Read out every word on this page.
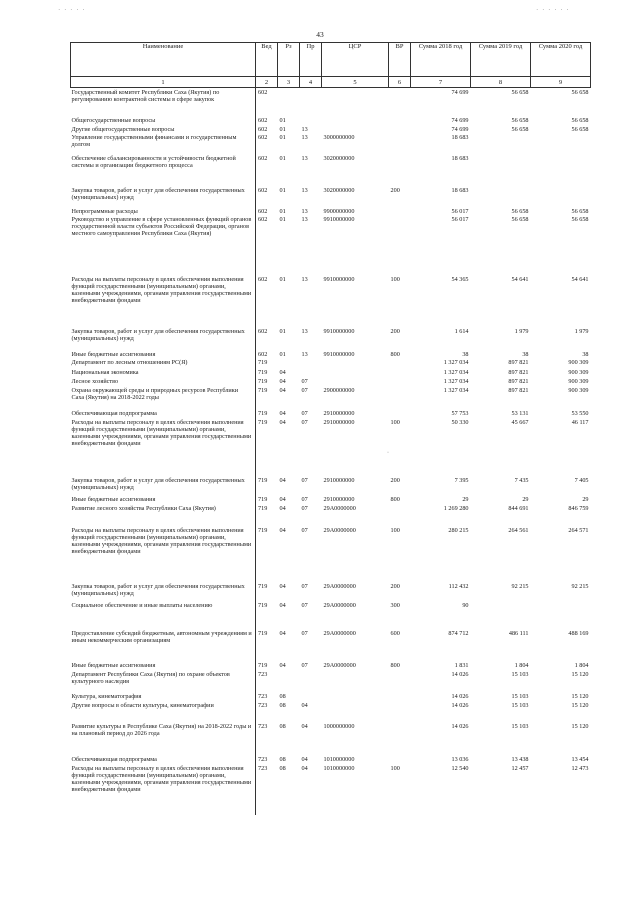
· · · · ·	· · · · · ·
43
Наименование	Вед	Рз	Пр	ЦСР	ВР	Сумма 2018 год	Сумма 2019 год	Сумма 2020 год
1	2	3	4	5	6	7	8	9
Государственный комитет Республики Саха (Якутия) по регулированию контрактной системы в сфере закупок	602					74 699	56 658	56 658
Общегосударственные вопросы	602	01				74 699	56 658	56 658
Другие общегосударственные вопросы	602	01	13			74 699	56 658	56 658
Управление государственными финансами и государственным долгом	602	01	13	3000000000		18 683		
Обеспечение сбалансированности и устойчивости бюджетной системы и организации бюджетного процесса	602	01	13	3020000000		18 683		
Закупка товаров, работ и услуг для обеспечения государственных (муниципальных) нужд	602	01	13	3020000000	200	18 683		
Непрограммные расходы	602	01	13	9900000000		56 017	56 658	56 658
Руководство и управление в сфере установленных функций органов государственной власти субъектов Российской Федерации, органов местного самоуправления Республики Саха (Якутия)	602	01	13	9910000000		56 017	56 658	56 658
Расходы на выплаты персоналу в целях обеспечения выполнения функций государственными (муниципальными) органами, казенными учреждениями, органами управления государственными внебюджетными фондами	602	01	13	9910000000	100	54 365	54 641	54 641
Закупка товаров, работ и услуг для обеспечения государственных (муниципальных) нужд	602	01	13	9910000000	200	1 614	1 979	1 979
Иные бюджетные ассигнования	602	01	13	9910000000	800	38	38	38
Департамент по лесным отношениям РС(Я)	719					1 327 034	897 821	900 309
Национальная экономика	719	04				1 327 034	897 821	900 309
Лесное хозяйство	719	04	07			1 327 034	897 821	900 309
Охрана окружающей среды и природных ресурсов Республики Саха (Якутия) на 2018-2022 годы	719	04	07	2900000000		1 327 034	897 821	900 309
Обеспечивающая подпрограмма	719	04	07	2910000000		57 753	53 131	53 550
Расходы на выплаты персоналу в целях обеспечения выполнения функций государственными (муниципальными) органами, казенными учреждениями, органами управления государственными внебюджетными фондами	719	04	07	2910000000	100	50 330	45 667	46 117
Закупка товаров, работ и услуг для обеспечения государственных (муниципальных) нужд	719	04	07	2910000000	200	7 395	7 435	7 405
Иные бюджетные ассигнования	719	04	07	2910000000	800	29	29	29
Развитие лесного хозяйства Республики Саха (Якутия)	719	04	07	29А0000000		1 269 280	844 691	846 759
Расходы на выплаты персоналу в целях обеспечения выполнения функций государственными (муниципальными) органами, казенными учреждениями, органами управления государственными внебюджетными фондами	719	04	07	29А0000000	100	280 215	264 561	264 571
Закупка товаров, работ и услуг для обеспечения государственных (муниципальных) нужд	719	04	07	29А0000000	200	112 432	92 215	92 215
Социальное обеспечение и иные выплаты населению	719	04	07	29А0000000	300	90		
Предоставление субсидий бюджетным, автономным учреждениям и иным некоммерческим организациям	719	04	07	29А0000000	600	874 712	486 111	488 169
Иные бюджетные ассигнования	719	04	07	29А0000000	800	1 831	1 804	1 804
Департамент Республики Саха (Якутия) по охране объектов культурного наследия	723					14 026	15 103	15 120
Культура, кинематография	723	08				14 026	15 103	15 120
Другие вопросы в области культуры, кинематографии	723	08	04			14 026	15 103	15 120
Развитие культуры в Республике Саха (Якутия) на 2018-2022 годы и на плановый период до 2026 года	723	08	04	1000000000		14 026	15 103	15 120
Обеспечивающая подпрограмма	723	08	04	1010000000		13 036	13 438	13 454
Расходы на выплаты персоналу в целях обеспечения выполнения функций государственными (муниципальными) органами, казенными учреждениями, органами управления государственными внебюджетными фондами	723	08	04	1010000000	100	12 540	12 457	12 473
·
